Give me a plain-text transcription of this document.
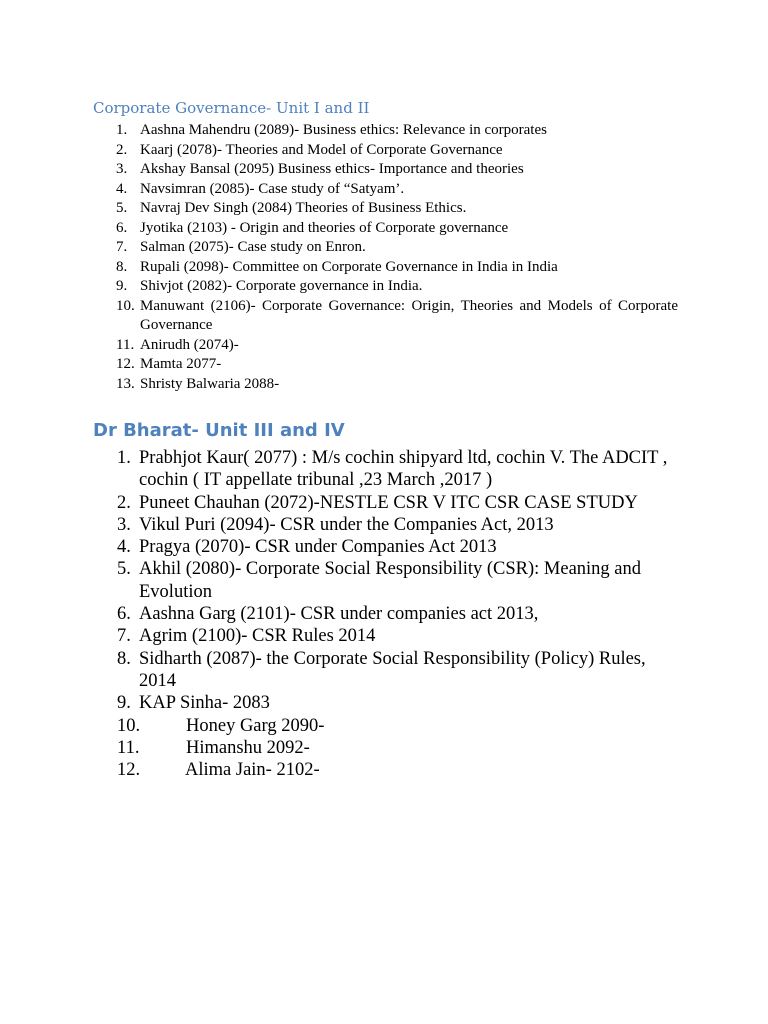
Corporate Governance- Unit I and II
1. Aashna Mahendru (2089)- Business ethics: Relevance in corporates
2. Kaarj (2078)- Theories and Model of Corporate Governance
3. Akshay Bansal (2095) Business ethics- Importance and theories
4. Navsimran (2085)- Case study of “Satyam’.
5. Navraj Dev Singh (2084) Theories of Business Ethics.
6. Jyotika (2103) - Origin and theories of Corporate governance
7. Salman (2075)- Case study on Enron.
8. Rupali (2098)- Committee on Corporate Governance in India in India
9. Shivjot (2082)- Corporate governance in India.
10. Manuwant (2106)- Corporate Governance: Origin, Theories and Models of Corporate Governance
11. Anirudh (2074)-
12. Mamta 2077-
13. Shristy Balwaria 2088-
Dr Bharat- Unit III and IV
1. Prabhjot Kaur( 2077) : M/s cochin shipyard ltd, cochin V. The ADCIT , cochin ( IT appellate tribunal ,23 March ,2017 )
2. Puneet Chauhan (2072)-NESTLE CSR V ITC CSR CASE STUDY
3. Vikul Puri (2094)- CSR under the Companies Act, 2013
4. Pragya (2070)- CSR under Companies Act 2013
5. Akhil (2080)- Corporate Social Responsibility (CSR): Meaning and Evolution
6. Aashna Garg (2101)- CSR under companies act 2013,
7. Agrim (2100)- CSR Rules 2014
8. Sidharth (2087)- the Corporate Social Responsibility (Policy) Rules, 2014
9. KAP Sinha- 2083
10. Honey Garg 2090-
11.	Himanshu 2092-
12. Alima Jain- 2102-
